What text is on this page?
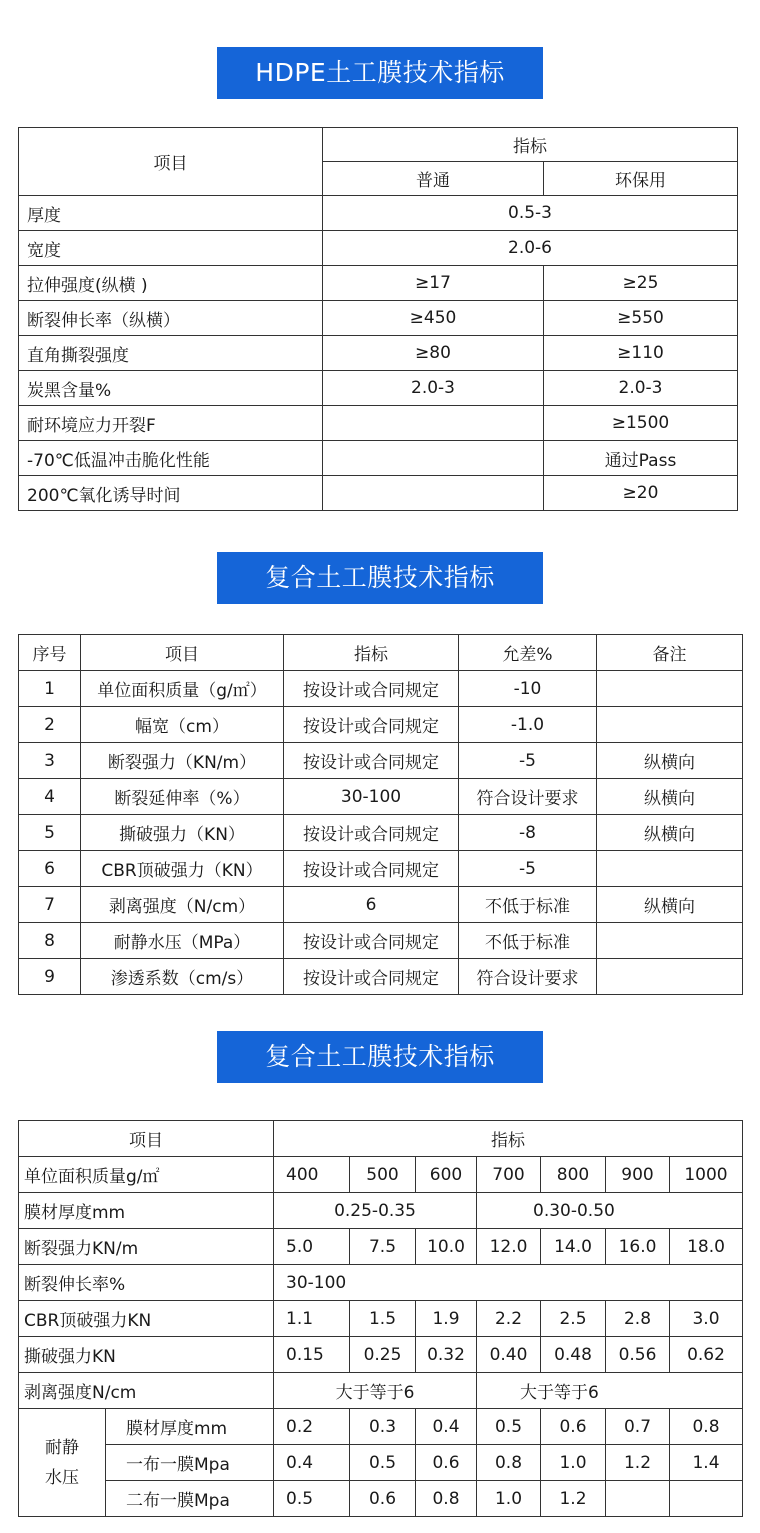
HDPE土工膜技术指标
项目	指标	
	普通	环保用
厚度	0.5-3	
宽度	2.0-6	
拉伸强度(纵横 )	≥17	≥25
断裂伸长率（纵横）	≥450	≥550
直角撕裂强度	≥80	≥110
炭黑含量%	2.0-3	2.0-3
耐环境应力开裂F		≥1500
-70℃低温冲击脆化性能		通过Pass
200℃氧化诱导时间		≥20
复合土工膜技术指标
序号	项目	指标	允差%	备注
1	单位面积质量（g/㎡）	按设计或合同规定	-10	
2	幅宽（cm）	按设计或合同规定	-1.0	
3	断裂强力（KN/m）	按设计或合同规定	-5	纵横向
4	断裂延伸率（%）	30-100	符合设计要求	纵横向
5	撕破强力（KN）	按设计或合同规定	-8	纵横向
6	CBR顶破强力（KN）	按设计或合同规定	-5	
7	剥离强度（N/cm）	6	不低于标准	纵横向
8	耐静水压（MPa）	按设计或合同规定	不低于标准	
9	渗透系数（cm/s）	按设计或合同规定	符合设计要求	
复合土工膜技术指标
项目		指标						
单位面积质量g/㎡		400	500	600	700	800	900	1000
膜材厚度mm		0.25-0.35			0.30-0.50			
断裂强力KN/m		5.0	7.5	10.0	12.0	14.0	16.0	18.0
断裂伸长率%		30-100						
CBR顶破强力KN		1.1	1.5	1.9	2.2	2.5	2.8	3.0
撕破强力KN		0.15	0.25	0.32	0.40	0.48	0.56	0.62
剥离强度N/cm		大于等于6			大于等于6			

耐静
水压	膜材厚度mm	0.2	0.3	0.4	0.5	0.6	0.7	0.8
	一布一膜Mpa	0.4	0.5	0.6	0.8	1.0	1.2	1.4
	二布一膜Mpa	0.5	0.6	0.8	1.0	1.2		
